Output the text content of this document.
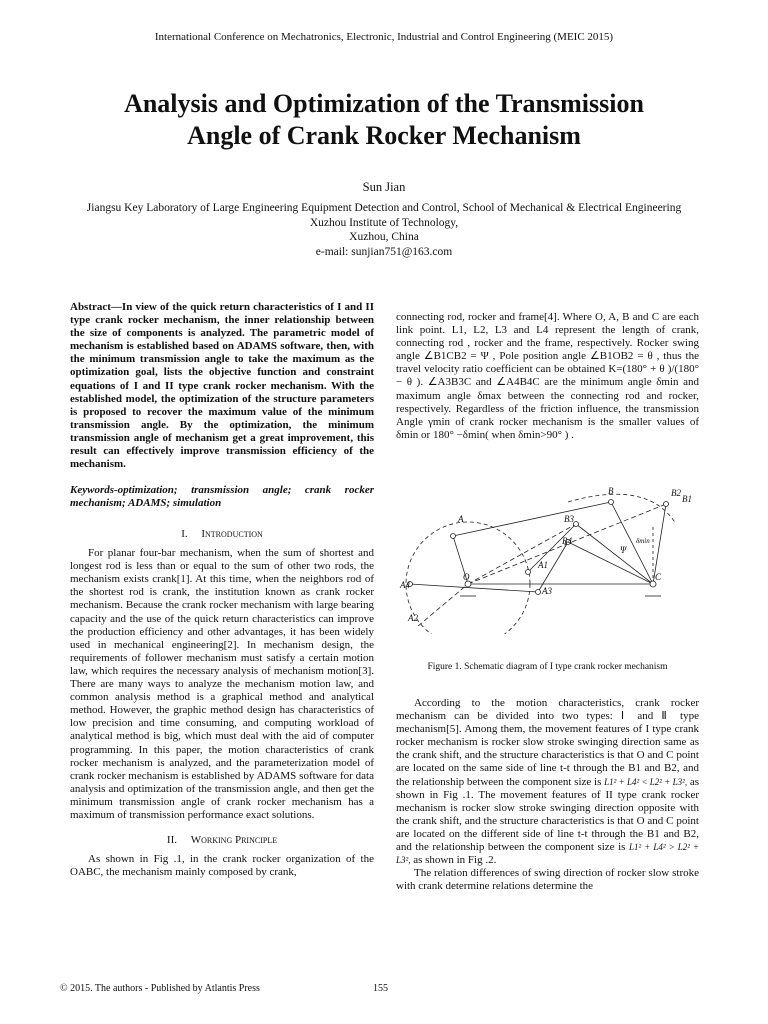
International Conference on Mechatronics, Electronic, Industrial and Control Engineering (MEIC 2015)
Analysis and Optimization of the Transmission
Angle of Crank Rocker Mechanism
Sun Jian
Jiangsu Key Laboratory of Large Engineering Equipment Detection and Control, School of Mechanical & Electrical Engineering
Xuzhou Institute of Technology,
Xuzhou, China
e-mail: sunjian751@163.com
Abstract—In view of the quick return characteristics of I and II type crank rocker mechanism, the inner relationship between the size of components is analyzed. The parametric model of mechanism is established based on ADAMS software, then, with the minimum transmission angle to take the maximum as the optimization goal, lists the objective function and constraint equations of I and II type crank rocker mechanism. With the established model, the optimization of the structure parameters is proposed to recover the maximum value of the minimum transmission angle. By the optimization, the minimum transmission angle of mechanism get a great improvement, this result can effectively improve transmission efficiency of the mechanism.
Keywords-optimization; transmission angle; crank rocker mechanism; ADAMS; simulation
I. Introduction
For planar four-bar mechanism, when the sum of shortest and longest rod is less than or equal to the sum of other two rods, the mechanism exists crank[1]. At this time, when the neighbors rod of the shortest rod is crank, the institution known as crank rocker mechanism. Because the crank rocker mechanism with large bearing capacity and the use of the quick return characteristics can improve the production efficiency and other advantages, it has been widely used in mechanical engineering[2]. In mechanism design, the requirements of follower mechanism must satisfy a certain motion law, which requires the necessary analysis of mechanism motion[3]. There are many ways to analyze the mechanism motion law, and common analysis method is a graphical method and analytical method. However, the graphic method design has characteristics of low precision and time consuming, and computing workload of analytical method is big, which must deal with the aid of computer programming. In this paper, the motion characteristics of crank rocker mechanism is analyzed, and the parameterization model of crank rocker mechanism is established by ADAMS software for data analysis and optimization of the transmission angle, and then get the minimum transmission angle of crank rocker mechanism has a maximum of transmission performance exact solutions.
II. Working Principle
As shown in Fig .1, in the crank rocker organization of the OABC, the mechanism mainly composed by crank,
connecting rod, rocker and frame[4]. Where O, A, B and C are each link point. L1, L2, L3 and L4 represent the length of crank, connecting rod , rocker and the frame, respectively. Rocker swing angle ∠B1CB2 = Ψ , Pole position angle ∠B1OB2 = θ , thus the travel velocity ratio coefficient can be obtained K=(180° + θ )/(180° − θ ). ∠A3B3C and ∠A4B4C are the minimum angle δmin and maximum angle δmax between the connecting rod and rocker, respectively. Regardless of the friction influence, the transmission Angle γmin of crank rocker mechanism is the smaller values of δmin or 180° −δmin( when δmin>90° ) .
A
B	B2
B1
B3
B4
A1
A2
A3
A4
O	C
Ψ
δmin
Figure 1. Schematic diagram of I type crank rocker mechanism
According to the motion characteristics, crank rocker mechanism can be divided into two types: Ⅰ and Ⅱ type mechanism[5]. Among them, the movement features of I type crank rocker mechanism is rocker slow stroke swinging direction same as the crank shift, and the structure characteristics is that O and C point are located on the same side of line t-t through the B1 and B2, and the relationship between the component size is L1² + L4² < L2² + L3², as shown in Fig .1. The movement features of II type crank rocker mechanism is rocker slow stroke swinging direction opposite with the crank shift, and the structure characteristics is that O and C point are located on the different side of line t-t through the B1 and B2, and the relationship between the component size is L1² + L4² > L2² + L3², as shown in Fig .2.
The relation differences of swing direction of rocker slow stroke with crank determine relations determine the
© 2015. The authors - Published by Atlantis Press	155
